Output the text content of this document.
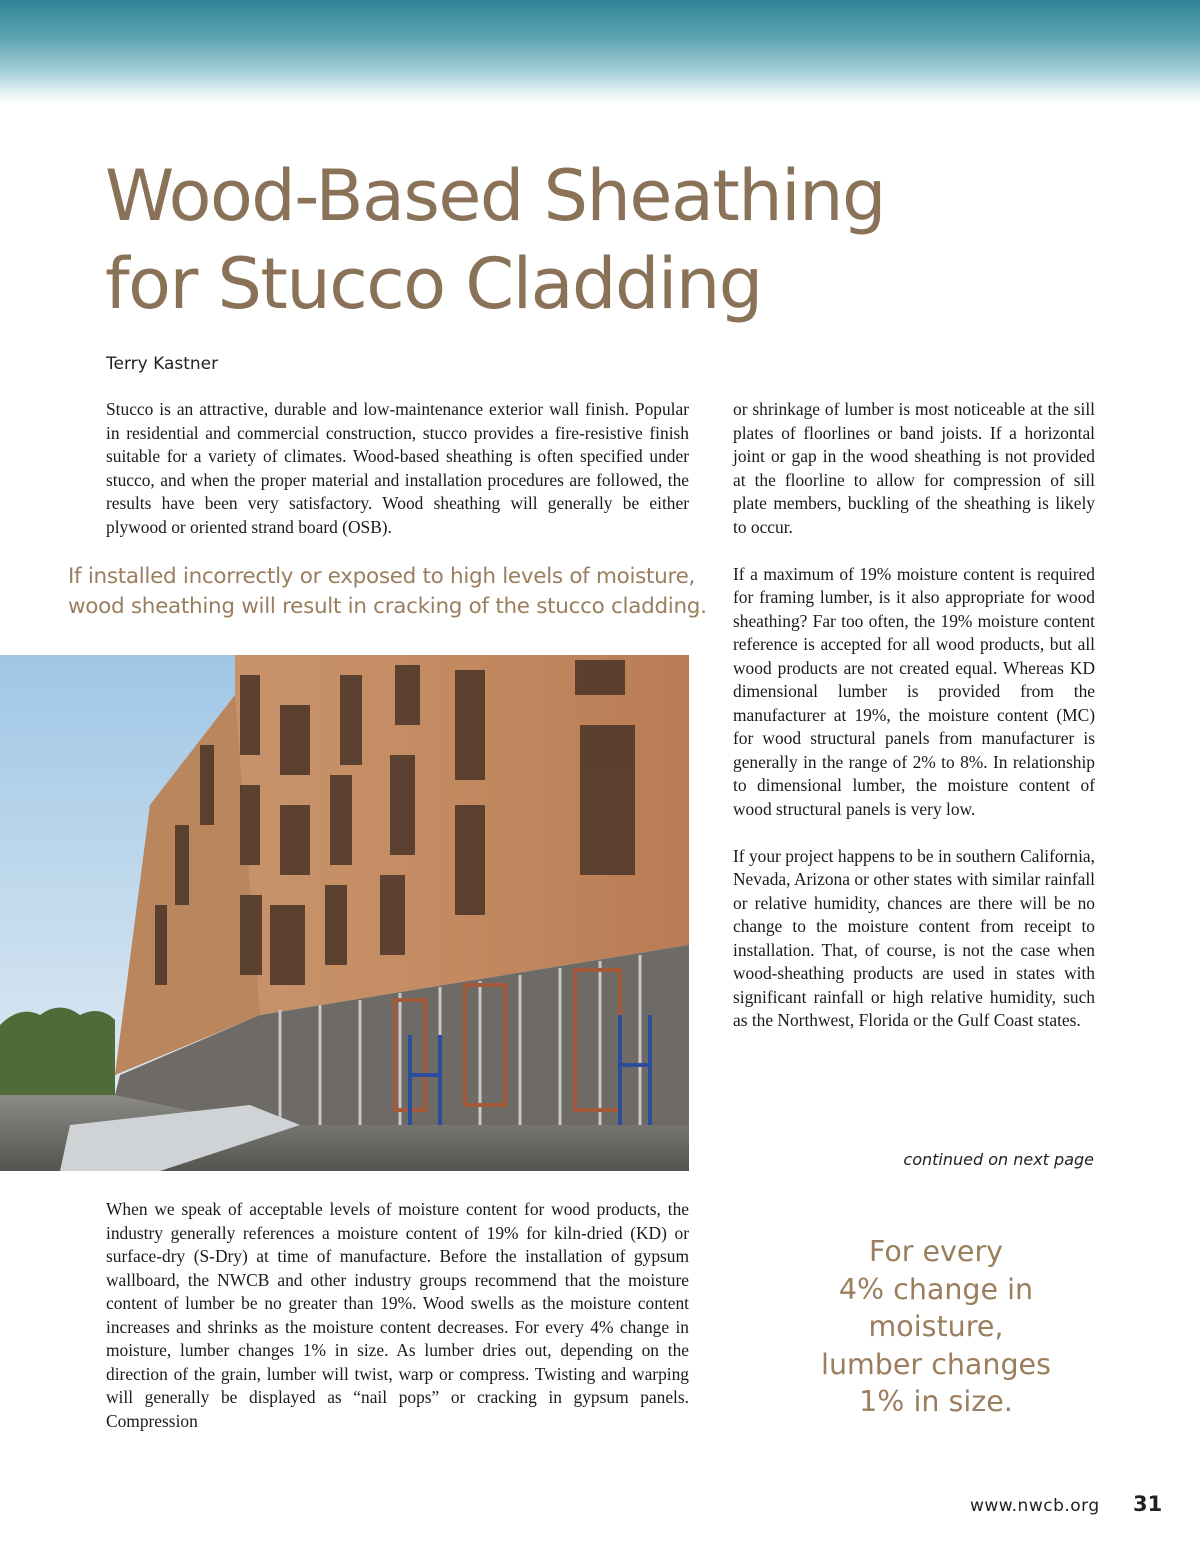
Wood-Based Sheathing
for Stucco Cladding
Terry Kastner

Stucco is an attractive, durable and low-maintenance exterior wall finish. Popular in residential and commercial construction, stucco provides a fire-resistive finish suitable for a variety of climates. Wood-based sheathing is often specified under stucco, and when the proper material and installation procedures are followed, the results have been very satisfactory. Wood sheathing will generally be either plywood or oriented strand board (OSB).

If installed incorrectly or exposed to high levels of moisture,
wood sheathing will result in cracking of the stucco cladding.

When we speak of acceptable levels of moisture content for wood products, the industry generally references a moisture content of 19% for kiln-dried (KD) or surface-dry (S-Dry) at time of manufacture. Before the installation of gypsum wallboard, the NWCB and other industry groups recommend that the moisture content of lumber be no greater than 19%. Wood swells as the moisture content increases and shrinks as the moisture content decreases. For every 4% change in moisture, lumber changes 1% in size. As lumber dries out, depending on the direction of the grain, lumber will twist, warp or compress. Twisting and warping will generally be displayed as “nail pops” or cracking in gypsum panels. Compression

or shrinkage of lumber is most noticeable at the sill plates of floorlines or band joists. If a horizontal joint or gap in the wood sheathing is not provided at the floorline to allow for compression of sill plate members, buckling of the sheathing is likely to occur.

If a maximum of 19% moisture content is required for framing lumber, is it also appropriate for wood sheathing? Far too often, the 19% moisture content reference is accepted for all wood products, but all wood products are not created equal. Whereas KD dimensional lumber is provided from the manufacturer at 19%, the moisture content (MC) for wood structural panels from manufacturer is generally in the range of 2% to 8%. In relationship to dimensional lumber, the moisture content of wood structural panels is very low.

If your project happens to be in southern California, Nevada, Arizona or other states with similar rainfall or relative humidity, chances are there will be no change to the moisture content from receipt to installation. That, of course, is not the case when wood-sheathing products are used in states with significant rainfall or high relative humidity, such as the Northwest, Florida or the Gulf Coast states.

continued on next page
For every
4% change in
moisture,
lumber changes
1% in size.
www.nwcb.org 31
